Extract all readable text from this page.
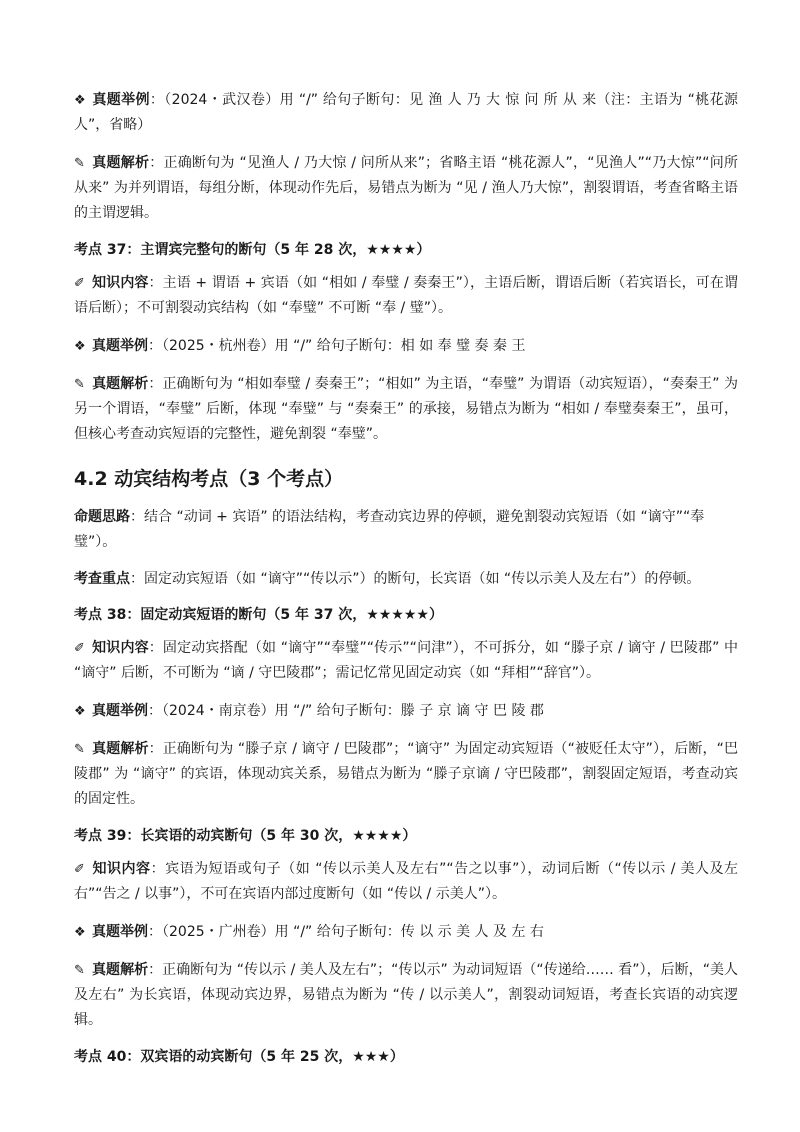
❖ 真题举例：（2024・武汉卷）用 “/” 给句子断句：见 渔 人 乃 大 惊 问 所 从 来（注：主语为 “桃花源人”，省略）

✎ 真题解析：正确断句为 “见渔人 / 乃大惊 / 问所从来”；省略主语 “桃花源人”，“见渔人”“乃大惊”“问所从来” 为并列谓语，每组分断，体现动作先后，易错点为断为 “见 / 渔人乃大惊”，割裂谓语，考查省略主语的主谓逻辑。

考点 37：主谓宾完整句的断句（5 年 28 次，★★★★）

✐ 知识内容：主语 + 谓语 + 宾语（如 “相如 / 奉璧 / 奏秦王”），主语后断，谓语后断（若宾语长，可在谓语后断）；不可割裂动宾结构（如 “奉璧” 不可断 “奉 / 璧”）。

❖ 真题举例：（2025・杭州卷）用 “/” 给句子断句：相 如 奉 璧 奏 秦 王

✎ 真题解析：正确断句为 “相如奉璧 / 奏秦王”；“相如” 为主语，“奉璧” 为谓语（动宾短语），“奏秦王” 为另一个谓语，“奉璧” 后断，体现 “奉璧” 与 “奏秦王” 的承接，易错点为断为 “相如 / 奉璧奏秦王”，虽可，但核心考查动宾短语的完整性，避免割裂 “奉璧”。

4.2 动宾结构考点（3 个考点）

命题思路：结合 “动词 + 宾语” 的语法结构，考查动宾边界的停顿，避免割裂动宾短语（如 “谪守”“奉璧”）。

考查重点：固定动宾短语（如 “谪守”“传以示”）的断句，长宾语（如 “传以示美人及左右”）的停顿。

考点 38：固定动宾短语的断句（5 年 37 次，★★★★★）

✐ 知识内容：固定动宾搭配（如 “谪守”“奉璧”“传示”“问津”），不可拆分，如 “滕子京 / 谪守 / 巴陵郡” 中 “谪守” 后断，不可断为 “谪 / 守巴陵郡”；需记忆常见固定动宾（如 “拜相”“辞官”）。

❖ 真题举例：（2024・南京卷）用 “/” 给句子断句：滕 子 京 谪 守 巴 陵 郡

✎ 真题解析：正确断句为 “滕子京 / 谪守 / 巴陵郡”；“谪守” 为固定动宾短语（“被贬任太守”），后断，“巴陵郡” 为 “谪守” 的宾语，体现动宾关系，易错点为断为 “滕子京谪 / 守巴陵郡”，割裂固定短语，考查动宾的固定性。

考点 39：长宾语的动宾断句（5 年 30 次，★★★★）

✐ 知识内容：宾语为短语或句子（如 “传以示美人及左右”“告之以事”），动词后断（“传以示 / 美人及左右”“告之 / 以事”），不可在宾语内部过度断句（如 “传以 / 示美人”）。

❖ 真题举例：（2025・广州卷）用 “/” 给句子断句：传 以 示 美 人 及 左 右

✎ 真题解析：正确断句为 “传以示 / 美人及左右”；“传以示” 为动词短语（“传递给…… 看”），后断，“美人及左右” 为长宾语，体现动宾边界，易错点为断为 “传 / 以示美人”，割裂动词短语，考查长宾语的动宾逻辑。

考点 40：双宾语的动宾断句（5 年 25 次，★★★）
